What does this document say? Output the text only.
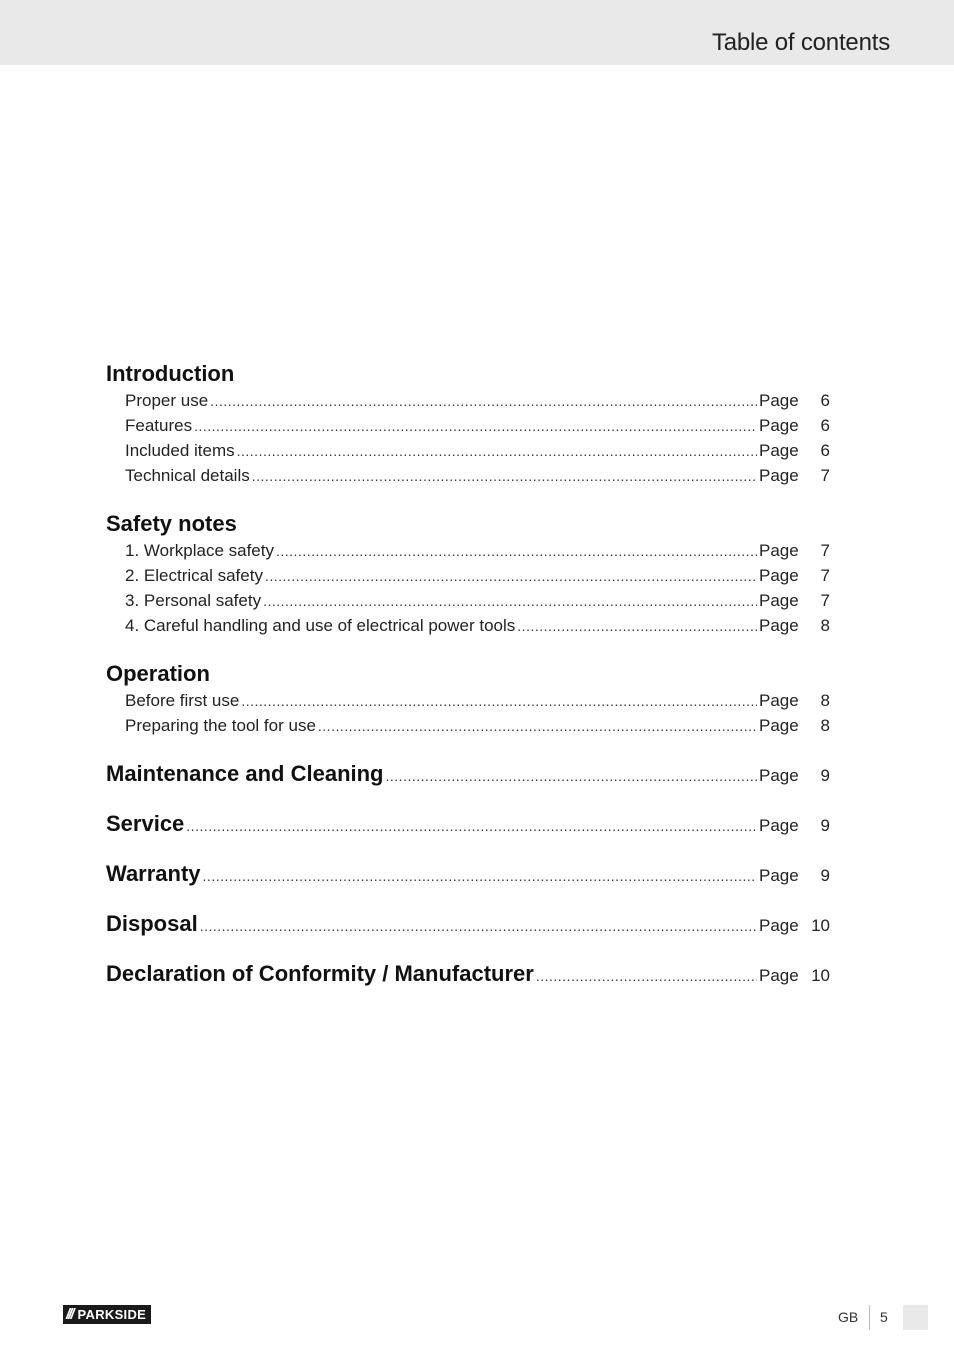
Table of contents
Introduction
Proper use .....	Page	6
Features .....	Page	6
Included items .....	Page	6
Technical details .....	Page	7
Safety notes
1. Workplace safety .....	Page	7
2. Electrical safety .....	Page	7
3. Personal safety .....	Page	7
4. Careful handling and use of electrical power tools .....	Page	8
Operation
Before first use .....	Page	8
Preparing the tool for use .....	Page	8
Maintenance and Cleaning .....	Page	9
Service .....	Page	9
Warranty .....	Page	9
Disposal .....	Page 10
Declaration of Conformity / Manufacturer .....	Page 10
/// PARKSIDE	GB 5
